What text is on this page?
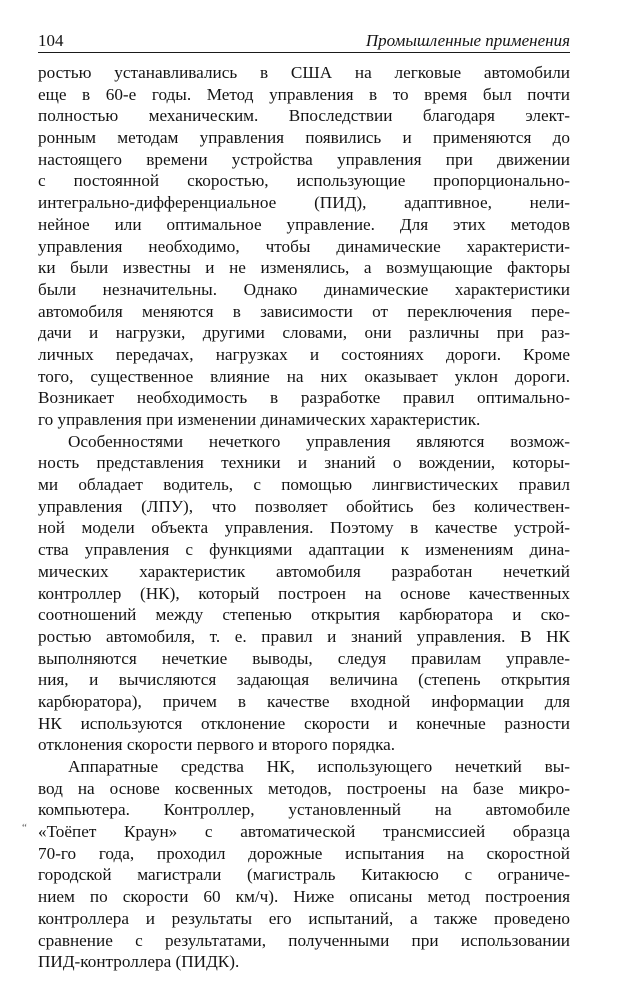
104	Промышленные применения
ростью устанавливались в США на легковые автомобили
еще в 60-е годы. Метод управления в то время был почти
полностью механическим. Впоследствии благодаря элект-
ронным методам управления появились и применяются до
настоящего времени устройства управления при движении
с постоянной скоростью, использующие пропорционально-
интегрально-дифференциальное (ПИД), адаптивное, нели-
нейное или оптимальное управление. Для этих методов
управления необходимо, чтобы динамические характеристи-
ки были известны и не изменялись, а возмущающие факторы
были незначительны. Однако динамические характеристики
автомобиля меняются в зависимости от переключения пере-
дачи и нагрузки, другими словами, они различны при раз-
личных передачах, нагрузках и состояниях дороги. Кроме
того, существенное влияние на них оказывает уклон дороги.
Возникает необходимость в разработке правил оптимально-
го управления при изменении динамических характеристик.
Особенностями нечеткого управления являются возмож-
ность представления техники и знаний о вождении, которы-
ми обладает водитель, с помощью лингвистических правил
управления (ЛПУ), что позволяет обойтись без количествен-
ной модели объекта управления. Поэтому в качестве устрой-
ства управления с функциями адаптации к изменениям дина-
мических характеристик автомобиля разработан нечеткий
контроллер (НК), который построен на основе качественных
соотношений между степенью открытия карбюратора и ско-
ростью автомобиля, т. е. правил и знаний управления. В НК
выполняются нечеткие выводы, следуя правилам управле-
ния, и вычисляются задающая величина (степень открытия
карбюратора), причем в качестве входной информации для
НК используются отклонение скорости и конечные разности
отклонения скорости первого и второго порядка.
Аппаратные средства НК, использующего нечеткий вы-
вод на основе косвенных методов, построены на базе микро-
компьютера. Контроллер, установленный на автомобиле
«Тоёпет Краун» с автоматической трансмиссией образца
70-го года, проходил дорожные испытания на скоростной
городской магистрали (магистраль Китакюсю с ограниче-
нием по скорости 60 км/ч). Ниже описаны метод построения
контроллера и результаты его испытаний, а также проведено
сравнение с результатами, полученными при использовании
ПИД-контроллера (ПИДК).
“
